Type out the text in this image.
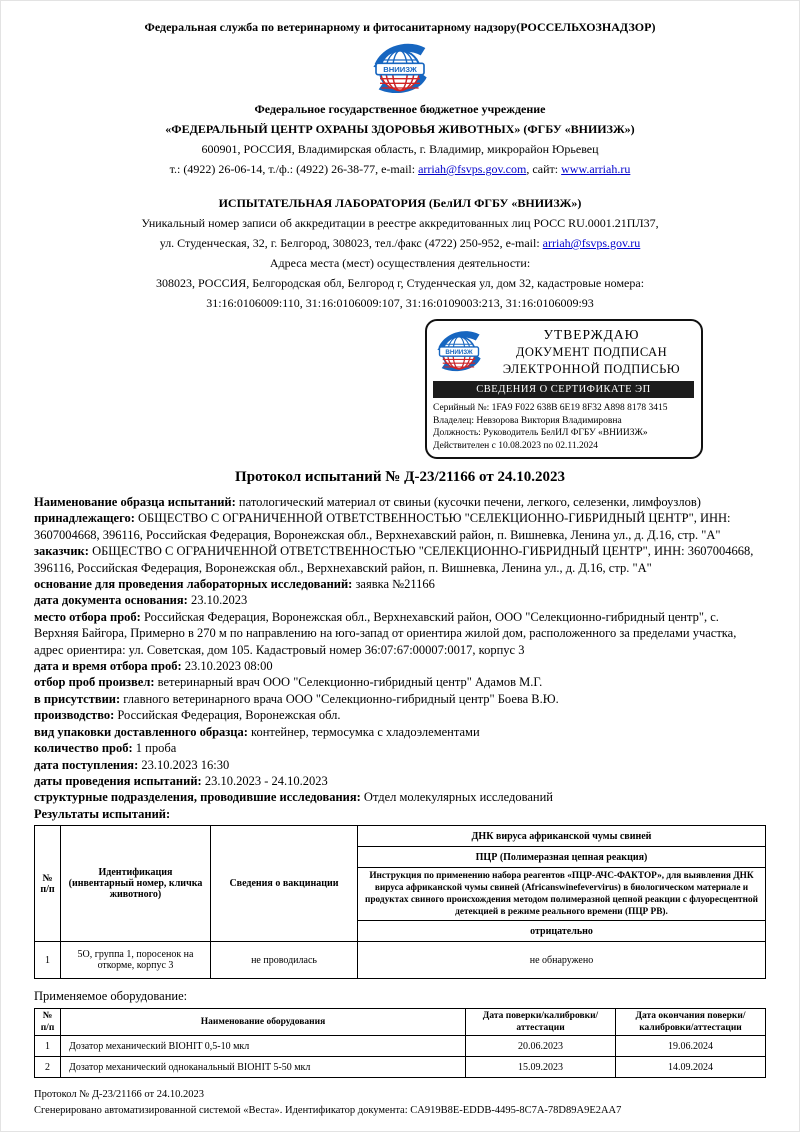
Федеральная служба по ветеринарному и фитосанитарному надзору(РОССЕЛЬХОЗНАДЗОР)
ВНИИЗЖ
Федеральное государственное бюджетное учреждение
«ФЕДЕРАЛЬНЫЙ ЦЕНТР ОХРАНЫ ЗДОРОВЬЯ ЖИВОТНЫХ» (ФГБУ «ВНИИЗЖ»)
600901, РОССИЯ, Владимирская область, г. Владимир, микрорайон Юрьевец
т.: (4922) 26-06-14, т./ф.: (4922) 26-38-77, e-mail: arriah@fsvps.gov.com, сайт: www.arriah.ru
ИСПЫТАТЕЛЬНАЯ ЛАБОРАТОРИЯ (БелИЛ ФГБУ «ВНИИЗЖ»)
Уникальный номер записи об аккредитации в реестре аккредитованных лиц РОСС RU.0001.21ПЛ37,
ул. Студенческая, 32, г. Белгород, 308023, тел./факс (4722) 250-952, e-mail: arriah@fsvps.gov.ru
Адреса места (мест) осуществления деятельности:
308023, РОССИЯ, Белгородская обл, Белгород г, Студенческая ул, дом 32, кадастровые номера:
31:16:0106009:110, 31:16:0106009:107, 31:16:0109003:213, 31:16:0106009:93
ВНИИЗЖ
УТВЕРЖДАЮ
ДОКУМЕНТ ПОДПИСАН
ЭЛЕКТРОННОЙ ПОДПИСЬЮ
СВЕДЕНИЯ О СЕРТИФИКАТЕ ЭП
Серийный №: 1FA9 F022 638B 6E19 8F32 A898 8178 3415
Владелец: Невзорова Виктория Владимировна
Должность: Руководитель БелИЛ ФГБУ «ВНИИЗЖ»
Действителен с 10.08.2023 по 02.11.2024
Протокол испытаний № Д-23/21166 от 24.10.2023
Наименование образца испытаний: патологический материал от свиньи (кусочки печени, легкого, селезенки, лимфоузлов)
принадлежащего: ОБЩЕСТВО С ОГРАНИЧЕННОЙ ОТВЕТСТВЕННОСТЬЮ "СЕЛЕКЦИОННО-ГИБРИДНЫЙ ЦЕНТР", ИНН: 3607004668, 396116, Российская Федерация, Воронежская обл., Верхнехавский район, п. Вишневка, Ленина ул., д. Д.16, стр. "А"
заказчик: ОБЩЕСТВО С ОГРАНИЧЕННОЙ ОТВЕТСТВЕННОСТЬЮ "СЕЛЕКЦИОННО-ГИБРИДНЫЙ ЦЕНТР", ИНН: 3607004668, 396116, Российская Федерация, Воронежская обл., Верхнехавский район, п. Вишневка, Ленина ул., д. Д.16, стр. "А"
основание для проведения лабораторных исследований: заявка №21166
дата документа основания: 23.10.2023
место отбора проб: Российская Федерация, Воронежская обл., Верхнехавский район, ООО "Селекционно-гибридный центр", с. Верхняя Байгора, Примерно в 270 м по направлению на юго-запад от ориентира жилой дом, расположенного за пределами участка, адрес ориентира: ул. Советская, дом 105. Кадастровый номер 36:07:67:00007:0017, корпус 3
дата и время отбора проб: 23.10.2023 08:00
отбор проб произвел: ветеринарный врач ООО "Селекционно-гибридный центр" Адамов М.Г.
в присутствии: главного ветеринарного врача ООО "Селекционно-гибридный центр" Боева В.Ю.
производство: Российская Федерация, Воронежская обл.
вид упаковки доставленного образца: контейнер, термосумка с хладоэлементами
количество проб: 1 проба
дата поступления: 23.10.2023 16:30
даты проведения испытаний: 23.10.2023 - 24.10.2023
структурные подразделения, проводившие исследования: Отдел молекулярных исследований
Результаты испытаний:
№ п/п	Идентификация (инвентарный номер, кличка животного)	Сведения о вакцинации	ДНК вируса африканской чумы свиней
			ПЦР (Полимеразная цепная реакция)
			Инструкция по применению набора реагентов «ПЦР-АЧС-ФАКТОР», для выявления ДНК вируса африканской чумы свиней (Africanswinefevervirus) в биологическом материале и продуктах свиного происхождения методом полимеразной цепной реакции с флуоресцентной детекцией в режиме реального времени (ПЦР РВ).
			отрицательно
1	5О, группа 1, поросенок на откорме, корпус 3	не проводилась	не обнаружено
Применяемое оборудование:
№ п/п	Наименование оборудования	Дата поверки/калибровки/аттестации	Дата окончания поверки/калибровки/аттестации
1	Дозатор механический BIOHIT 0,5-10 мкл	20.06.2023	19.06.2024
2	Дозатор механический одноканальный BIOHIT 5-50 мкл	15.09.2023	14.09.2024
Протокол № Д-23/21166 от 24.10.2023
Сгенерировано автоматизированной системой «Веста». Идентификатор документа: CA919B8E-EDDB-4495-8C7A-78D89A9E2AA7
